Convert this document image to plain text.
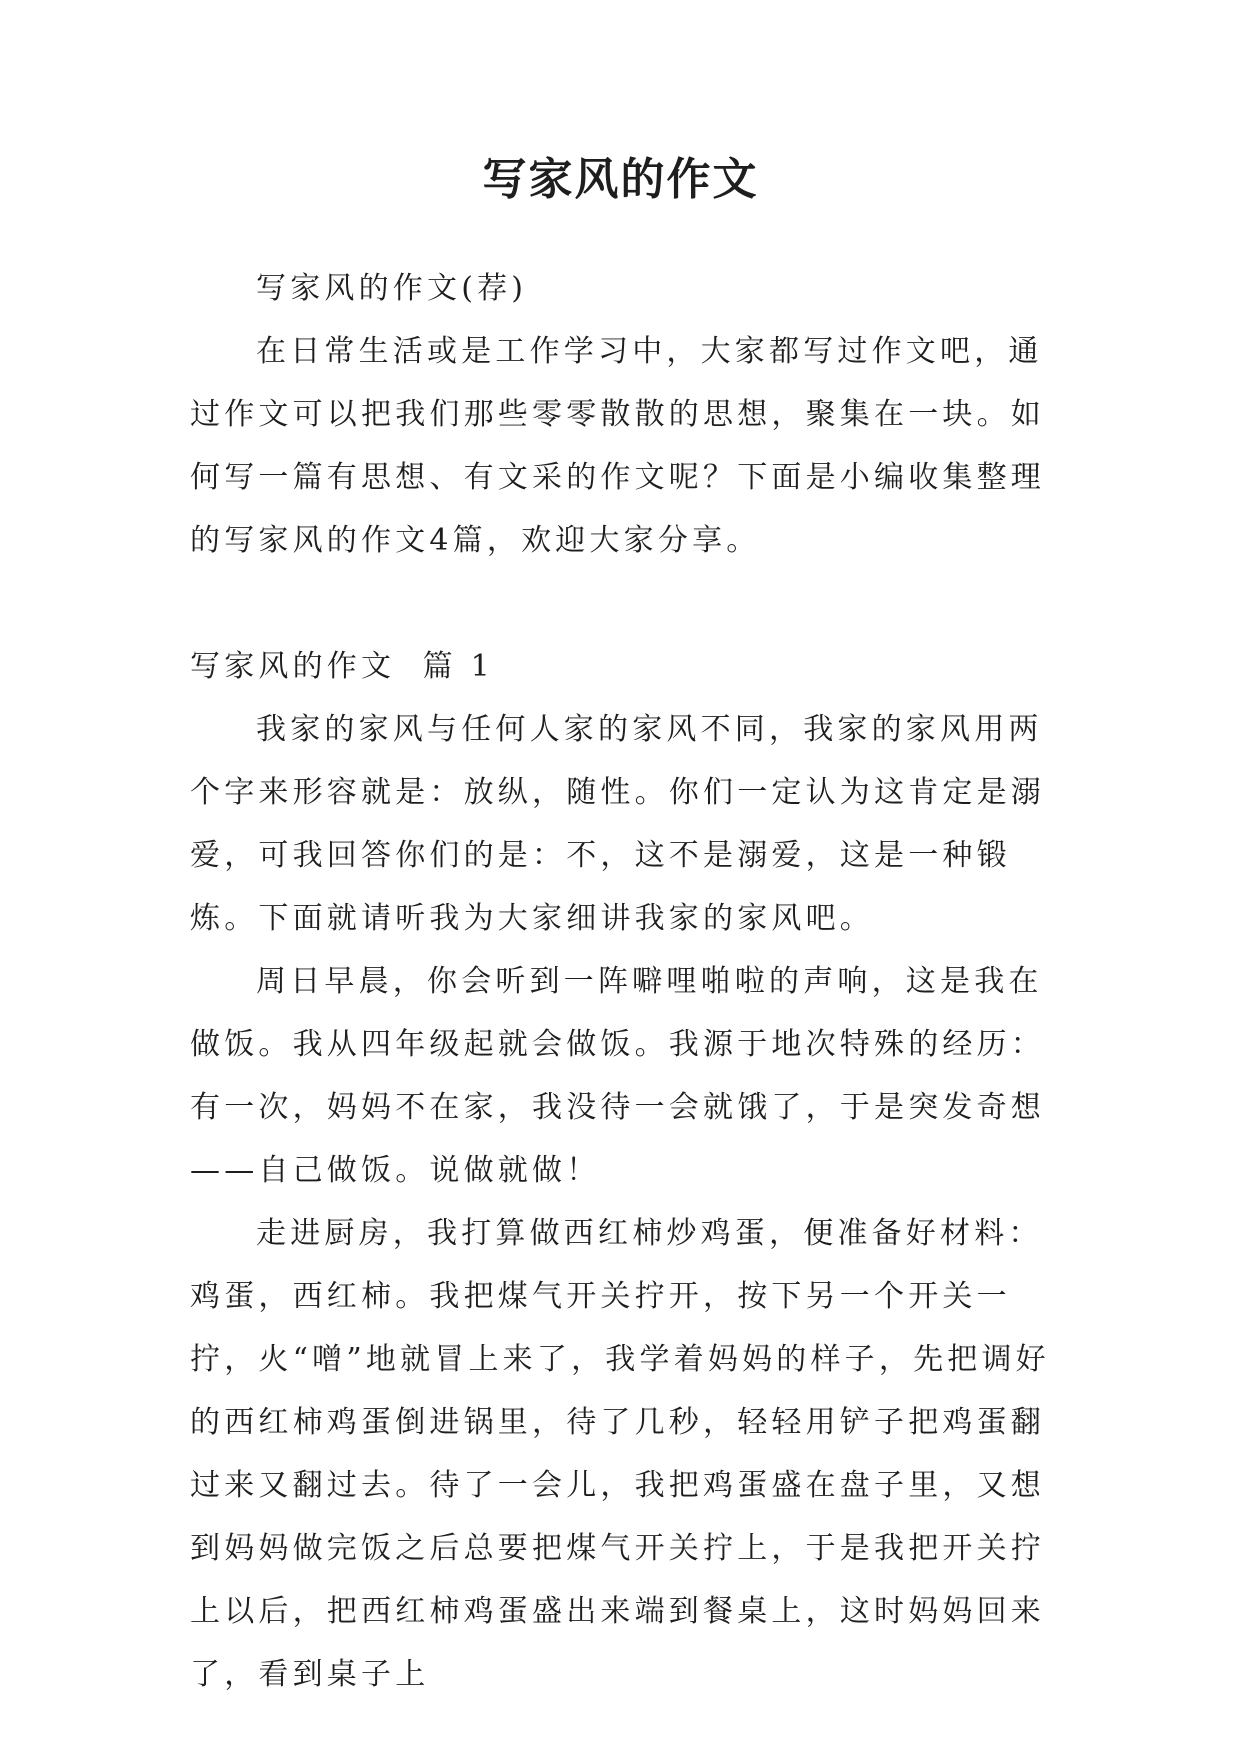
写家风的作文

写家风的作文(荐)

在日常生活或是工作学习中，大家都写过作文吧，通过作文可以把我们那些零零散散的思想，聚集在一块。如何写一篇有思想、有文采的作文呢？下面是小编收集整理的写家风的作文4篇，欢迎大家分享。

写家风的作文  篇 1

我家的家风与任何人家的家风不同，我家的家风用两个字来形容就是：放纵，随性。你们一定认为这肯定是溺爱，可我回答你们的是：不，这不是溺爱，这是一种锻炼。下面就请听我为大家细讲我家的家风吧。

周日早晨，你会听到一阵噼哩啪啦的声响，这是我在做饭。我从四年级起就会做饭。我源于地次特殊的经历：有一次，妈妈不在家，我没待一会就饿了，于是突发奇想——自己做饭。说做就做！

走进厨房，我打算做西红柿炒鸡蛋，便准备好材料：鸡蛋，西红柿。我把煤气开关拧开，按下另一个开关一拧，火“噌”地就冒上来了，我学着妈妈的样子，先把调好的西红柿鸡蛋倒进锅里，待了几秒，轻轻用铲子把鸡蛋翻过来又翻过去。待了一会儿，我把鸡蛋盛在盘子里，又想到妈妈做完饭之后总要把煤气开关拧上，于是我把开关拧上以后，把西红柿鸡蛋盛出来端到餐桌上，这时妈妈回来了，看到桌子上
